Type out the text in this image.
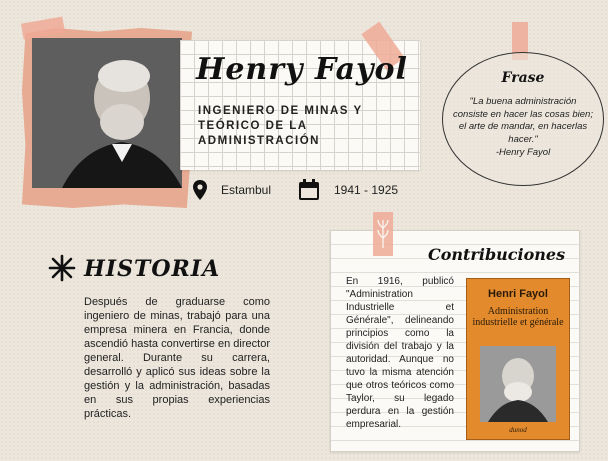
Henry Fayol
INGENIERO DE MINAS Y TEÓRICO DE LA ADMINISTRACIÓN
Estambul	1941 - 1925
Frase
"La buena administración consiste en hacer las cosas bien; el arte de mandar, en hacerlas hacer."
-Henry Fayol
HISTORIA
Después de graduarse como ingeniero de minas, trabajó para una empresa minera en Francia, donde ascendió hasta convertirse en director general. Durante su carrera, desarrolló y aplicó sus ideas sobre la gestión y la administración, basadas en sus propias experiencias prácticas.
Contribuciones
En 1916, publicó "Administration Industrielle et Générale", delineando principios como la división del trabajo y la autoridad. Aunque no tuvo la misma atención que otros teóricos como Taylor, su legado perdura en la gestión empresarial.
Henri Fayol
Administration industrielle et générale
dunod
